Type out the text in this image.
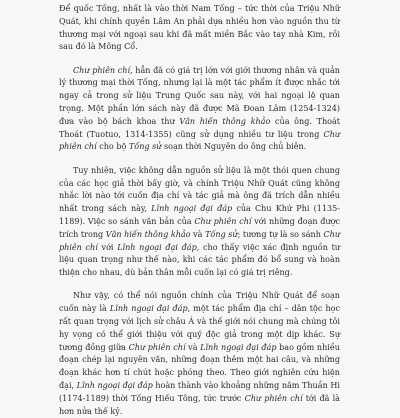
Để quốc Tống, nhất là vào thời Nam Tống – tức thời của Triệu Nhữ Quát, khi chính quyền Lâm An phải dựa nhiều hơn vào nguồn thu từ thương mại với ngoại sau khi đã mất miền Bắc vào tay nhà Kim, rồi sau đó là Mông Cổ.

Chư phiên chí, hẳn đã có giá trị lớn với giới thương nhân và quản lý thương mại thời Tống, nhưng lại là một tác phẩm ít được nhắc tới ngay cả trong sử liệu Trung Quốc sau này, với hai ngoại lệ quan trọng. Một phần lớn sách này đã được Mã Đoan Lâm (1254-1324) đưa vào bộ bách khoa thư Văn hiến thông khảo của ông. Thoát Thoát (Tuotuo, 1314-1355) cũng sử dụng nhiều tư liệu trong Chư phiên chí cho bộ Tống sử soạn thời Nguyên do ông chủ biên.

Tuy nhiên, việc không dẫn nguồn sử liệu là một thói quen chung của các học giả thời bấy giờ, và chính Triệu Nhữ Quát cũng không nhắc lời nào tới cuốn địa chí và tác giả mà ông đã trích dẫn nhiều nhất trong sách này, Lĩnh ngoại đại đáp của Chu Khứ Phi (1135-1189). Việc so sánh văn bản của Chư phiên chí với những đoạn được trích trong Văn hiến thông khảo và Tống sử; tương tự là so sánh Chư phiên chí với Lĩnh ngoại đại đáp, cho thấy việc xác định nguồn tư liệu quan trọng như thế nào, khi các tác phẩm đó bổ sung và hoàn thiện cho nhau, dù bản thân mỗi cuốn lại có giá trị riêng.

Như vậy, có thể nói nguồn chính của Triệu Nhữ Quát để soạn cuốn này là Lĩnh ngoại đại đáp, một tác phẩm địa chí – dân tộc học rất quan trọng với lịch sử châu Á và thế giới nói chung mà chúng tôi hy vọng có thể giới thiệu với quý độc giả trong một dịp khác. Sự tương đồng giữa Chư phiên chí và Lĩnh ngoại đại đáp bao gồm nhiều đoạn chép lại nguyên văn, những đoạn thêm một hai câu, và những đoạn khác hơn tí chút hoặc phóng theo. Theo giới nghiên cứu hiện đại, Lĩnh ngoại đại đáp hoàn thành vào khoảng những năm Thuần Hi (1174-1189) thời Tống Hiếu Tông, tức trước Chư phiên chí tới đã là hơn nửa thế kỷ.
